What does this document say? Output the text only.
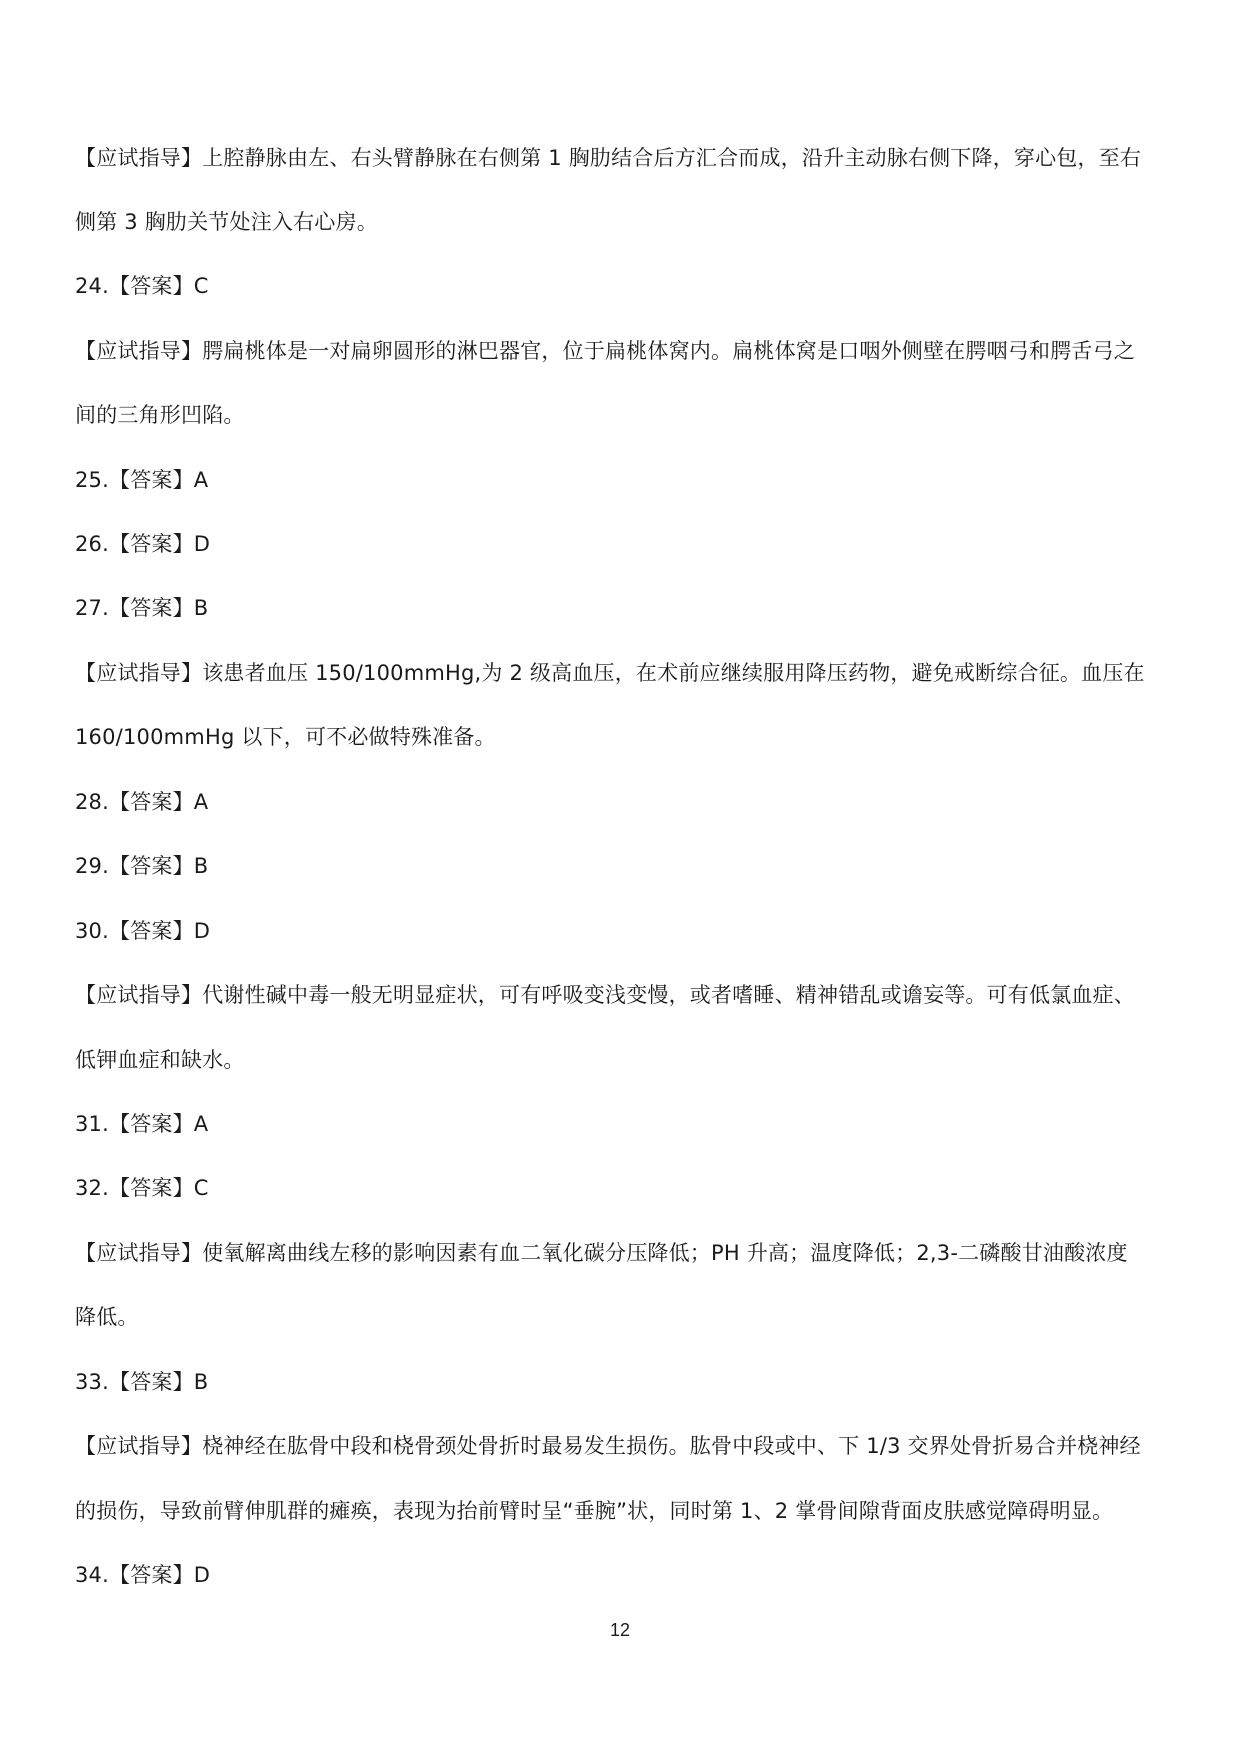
【应试指导】上腔静脉由左、右头臂静脉在右侧第 1 胸肋结合后方汇合而成，沿升主动脉右侧下降，穿心包，至右
侧第 3 胸肋关节处注入右心房。
24.【答案】C
【应试指导】腭扁桃体是一对扁卵圆形的淋巴器官，位于扁桃体窝内。扁桃体窝是口咽外侧壁在腭咽弓和腭舌弓之
间的三角形凹陷。
25.【答案】A
26.【答案】D
27.【答案】B
【应试指导】该患者血压 150/100mmHg,为 2 级高血压，在术前应继续服用降压药物，避免戒断综合征。血压在
160/100mmHg 以下，可不必做特殊准备。
28.【答案】A
29.【答案】B
30.【答案】D
【应试指导】代谢性碱中毒一般无明显症状，可有呼吸变浅变慢，或者嗜睡、精神错乱或谵妄等。可有低氯血症、
低钾血症和缺水。
31.【答案】A
32.【答案】C
【应试指导】使氧解离曲线左移的影响因素有血二氧化碳分压降低；PH 升高；温度降低；2,3-二磷酸甘油酸浓度
降低。
33.【答案】B
【应试指导】桡神经在肱骨中段和桡骨颈处骨折时最易发生损伤。肱骨中段或中、下 1/3 交界处骨折易合并桡神经
的损伤，导致前臂伸肌群的瘫痪，表现为抬前臂时呈“垂腕”状，同时第 1、2 掌骨间隙背面皮肤感觉障碍明显。
34.【答案】D
12
